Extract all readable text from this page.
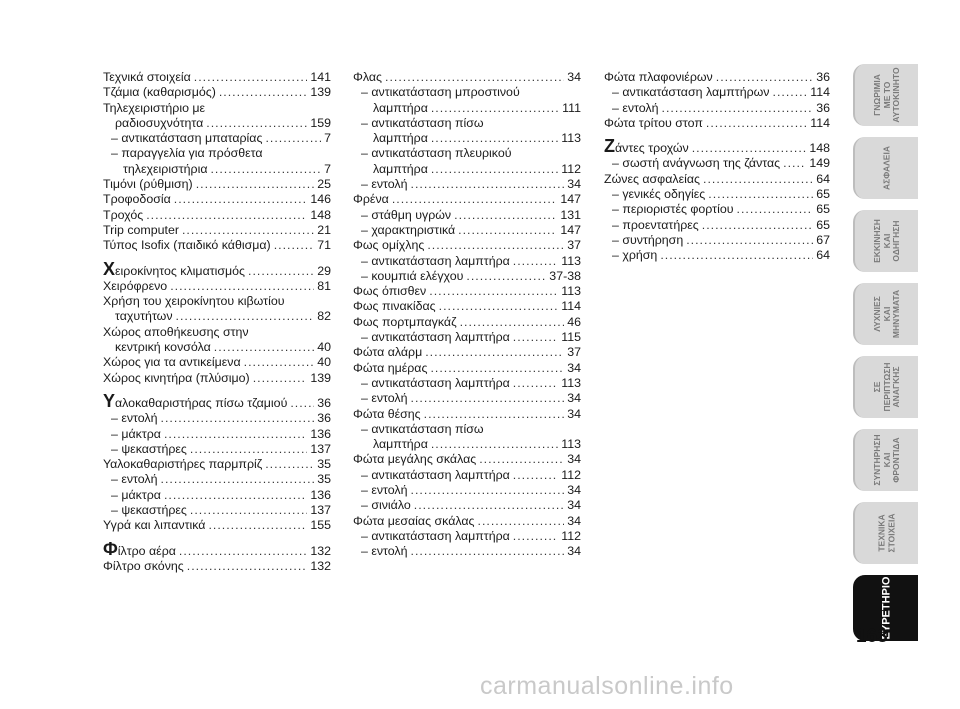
Τεχνικά στοιχεία .....	141
Τζάμια (καθαρισμός) .....	139
Τηλεχειριστήριο με
ραδιοσυχνότητα .....	159
– αντικατάσταση μπαταρίας .....	7
– παραγγελία για πρόσθετα
τηλεχειριστήρια .....	7
Τιμόνι (ρύθμιση) .....	25
Τροφοδοσία .....	146
Τροχός .....	148
Trip computer .....	21
Τύπος Isofix (παιδικό κάθισμα) .....	71
Χειροκίνητος κλιματισμός .....	29
Χειρόφρενο .....	81
Χρήση του χειροκίνητου κιβωτίου
ταχυτήτων .....	82
Χώρος αποθήκευσης στην
κεντρική κονσόλα .....	40
Χώρος για τα αντικείμενα .....	40
Χώρος κινητήρα (πλύσιμο) .....	139
Υαλοκαθαριστήρας πίσω τζαμιού ..... 36
– εντολή .....	36
– μάκτρα .....	136
– ψεκαστήρες .....	137
Υαλοκαθαριστήρες παρμπρίζ .....	35
– εντολή .....	35
– μάκτρα .....	136
– ψεκαστήρες .....	137
Υγρά και λιπαντικά .....	155
Φίλτρο αέρα .....	132
Φίλτρο σκόνης .....	132
Φλας .....	34
– αντικατάσταση μπροστινού
λαμπτήρα .....	111
– αντικατάσταση πίσω
λαμπτήρα .....	113
– αντικατάσταση πλευρικού
λαμπτήρα .....	112
– εντολή .....	34
Φρένα .....	147
– στάθμη υγρών .....	131
– χαρακτηριστικά .....	147
Φως ομίχλης .....	37
– αντικατάσταση λαμπτήρα .....	113
– κουμπιά ελέγχου .....	37-38
Φως όπισθεν .....	113
Φως πινακίδας .....	114
Φως πορτμπαγκάζ .....	46
– αντικατάσταση λαμπτήρα .....	115
Φώτα αλάρμ .....	37
Φώτα ημέρας .....	34
– αντικατάσταση λαμπτήρα .....	113
– εντολή .....	34
Φώτα θέσης .....	34
– αντικατάσταση πίσω
λαμπτήρα .....	113
Φώτα μεγάλης σκάλας .....	34
– αντικατάσταση λαμπτήρα .....	112
– εντολή .....	34
– σινιάλο .....	34
Φώτα μεσαίας σκάλας .....	34
– αντικατάσταση λαμπτήρα .....	112
– εντολή .....	34
Φώτα πλαφονιέρων .....	36
– αντικατάσταση λαμπτήρων .....	114
– εντολή .....	36
Φώτα τρίτου στοπ .....	114
Ζάντες τροχών .....	148
– σωστή ανάγνωση της ζάντας ..... 149
Ζώνες ασφαλείας .....	64
– γενικές οδηγίες .....	65
– περιοριστές φορτίου .....	65
– προεντατήρες .....	65
– συντήρηση .....	67
– χρήση .....	64
ΓΝΩΡΙΜΙΑ
ΜΕ ΤΟ
ΑΥΤΟΚΙΝΗΤΟ
ΑΣΦΑΛΕΙΑ
ΕΚΚΙΝΗΣΗ
ΚΑΙ
ΟΔΗΓΗΣΗ
ΛΥΧΝΙΕΣ
ΚΑΙ
ΜΗΝΥΜΑΤΑ
ΣΕ
ΠΕΡΙΠΤΩΣΗ
ΑΝΑΓΚΗΣ
ΣΥΝΤΗΡΗΣΗ
ΚΑΙ
ΦΡΟΝΤΙΔΑ
ΤΕΧΝΙΚΑ
ΣΤΟΙΧΕΙΑ
ΕΥΡΕΤΗΡΙΟ
163
carmanualsonline.info
